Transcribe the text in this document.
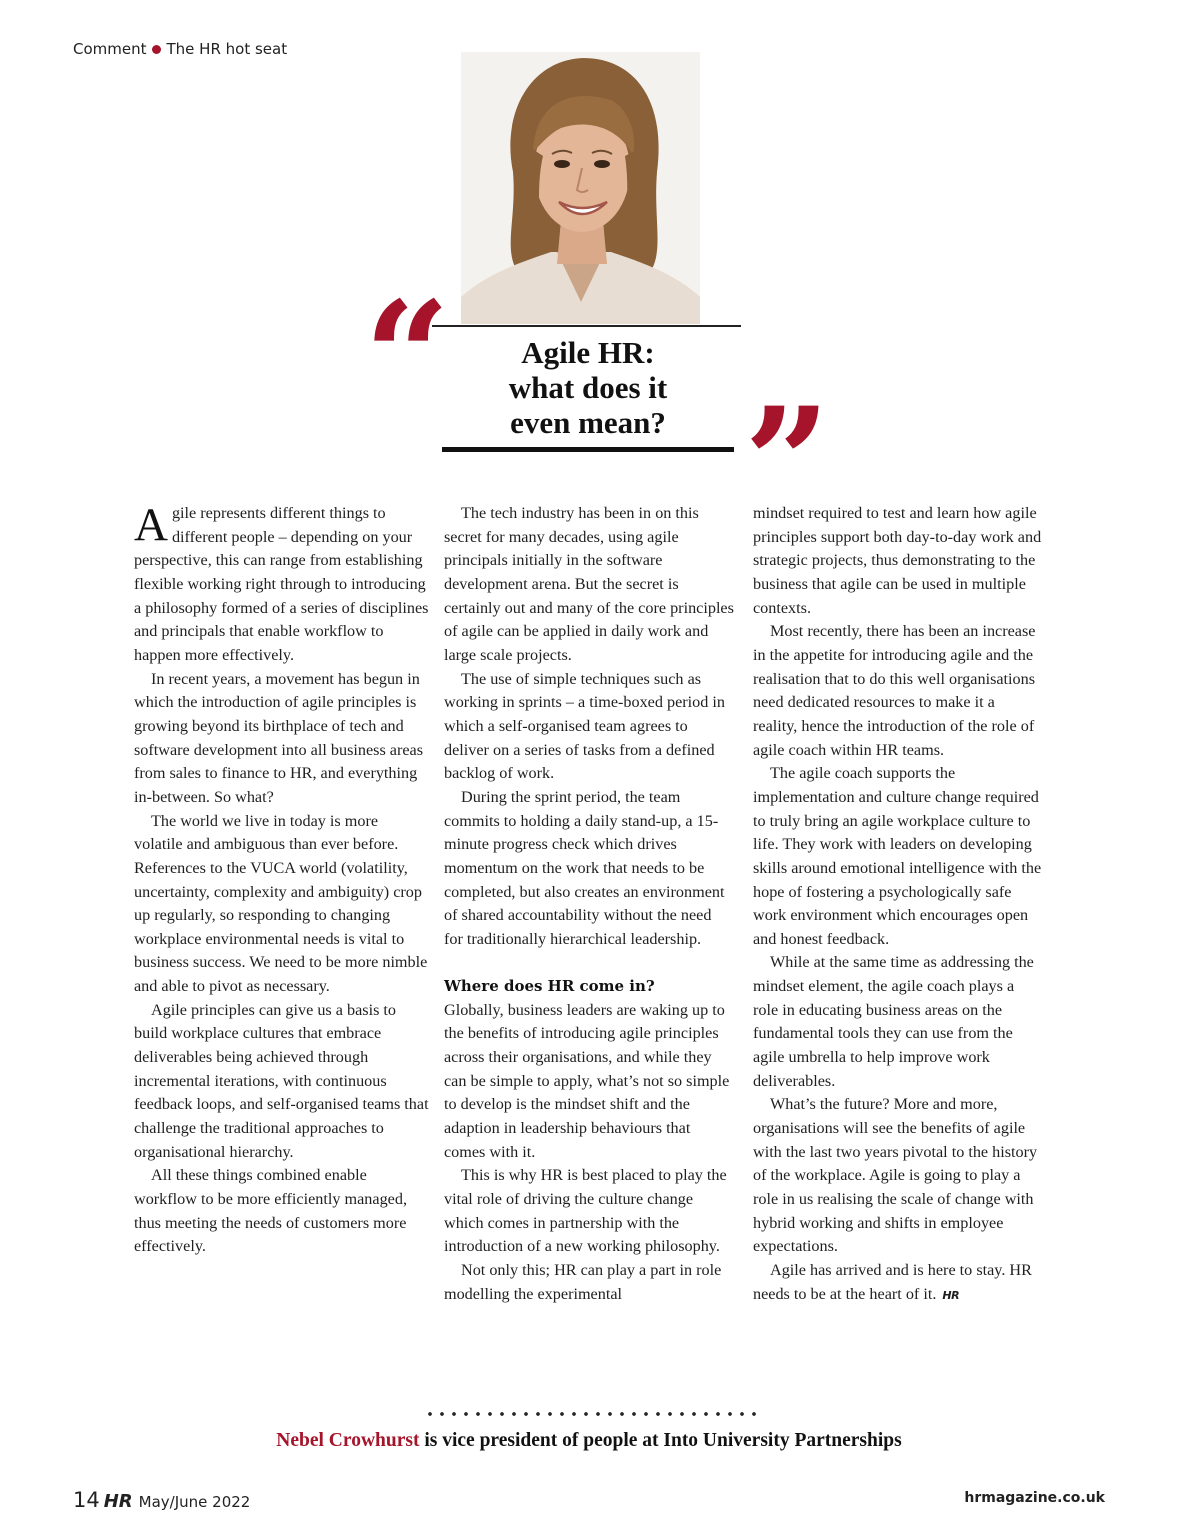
Comment The HR hot seat
“
”
Agile HR:
what does it
even mean?

Agile represents different things to different people – depending on your perspective, this can range from establishing flexible working right through to introducing a philosophy formed of a series of disciplines and principals that enable workflow to happen more effectively.

In recent years, a movement has begun in which the introduction of agile principles is growing beyond its birthplace of tech and software development into all business areas from sales to finance to HR, and everything in-between. So what?

The world we live in today is more volatile and ambiguous than ever before. References to the VUCA world (volatility, uncertainty, complexity and ambiguity) crop up regularly, so responding to changing workplace environmental needs is vital to business success. We need to be more nimble and able to pivot as necessary.

Agile principles can give us a basis to build workplace cultures that embrace deliverables being achieved through incremental iterations, with continuous feedback loops, and self-organised teams that challenge the traditional approaches to organisational hierarchy.

All these things combined enable workflow to be more efficiently managed, thus meeting the needs of customers more effectively.

The tech industry has been in on this secret for many decades, using agile principals initially in the software development arena. But the secret is certainly out and many of the core principles of agile can be applied in daily work and large scale projects.

The use of simple techniques such as working in sprints – a time-boxed period in which a self-organised team agrees to deliver on a series of tasks from a defined backlog of work.

During the sprint period, the team commits to holding a daily stand-up, a 15-minute progress check which drives momentum on the work that needs to be completed, but also creates an environment of shared accountability without the need for traditionally hierarchical leadership.

Where does HR come in?

Globally, business leaders are waking up to the benefits of introducing agile principles across their organisations, and while they can be simple to apply, what’s not so simple to develop is the mindset shift and the adaption in leadership behaviours that comes with it.

This is why HR is best placed to play the vital role of driving the culture change which comes in partnership with the introduction of a new working philosophy.

Not only this; HR can play a part in role modelling the experimental

mindset required to test and learn how agile principles support both day-to-day work and strategic projects, thus demonstrating to the business that agile can be used in multiple contexts.

Most recently, there has been an increase in the appetite for introducing agile and the realisation that to do this well organisations need dedicated resources to make it a reality, hence the introduction of the role of agile coach within HR teams.

The agile coach supports the implementation and culture change required to truly bring an agile workplace culture to life. They work with leaders on developing skills around emotional intelligence with the hope of fostering a psychologically safe work environment which encourages open and honest feedback.

While at the same time as addressing the mindset element, the agile coach plays a role in educating business areas on the fundamental tools they can use from the agile umbrella to help improve work deliverables.

What’s the future? More and more, organisations will see the benefits of agile with the last two years pivotal to the history of the workplace. Agile is going to play a role in us realising the scale of change with hybrid working and shifts in employee expectations.

Agile has arrived and is here to stay. HR needs to be at the heart of it. HR

Nebel Crowhurst is vice president of people at Into University Partnerships
14 HR May/June 2022	hrmagazine.co.uk
